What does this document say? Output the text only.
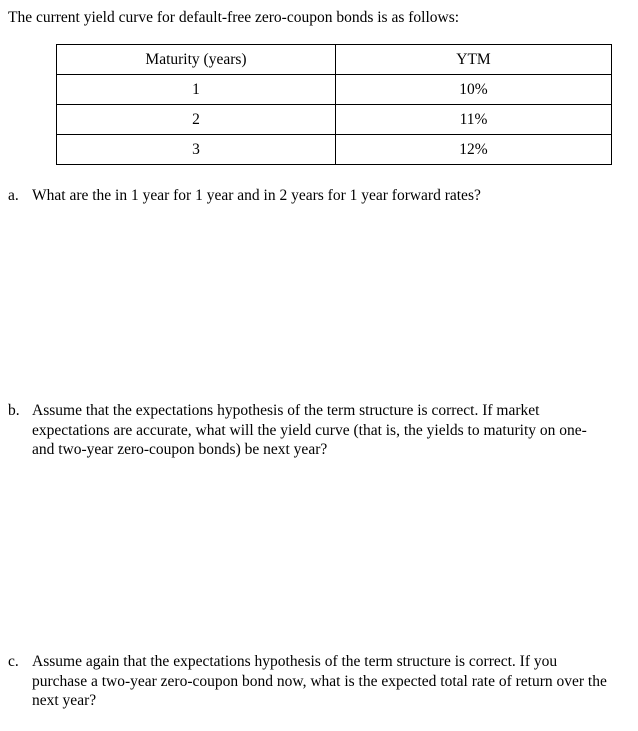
The current yield curve for default-free zero-coupon bonds is as follows:

Maturity (years)	YTM
1	10%
2	11%
3	12%
a. What are the in 1 year for 1 year and in 2 years for 1 year forward rates?
b. Assume that the expectations hypothesis of the term structure is correct. If market expectations are accurate, what will the yield curve (that is, the yields to maturity on one- and two-year zero-coupon bonds) be next year?
c. Assume again that the expectations hypothesis of the term structure is correct. If you purchase a two-year zero-coupon bond now, what is the expected total rate of return over the next year?
